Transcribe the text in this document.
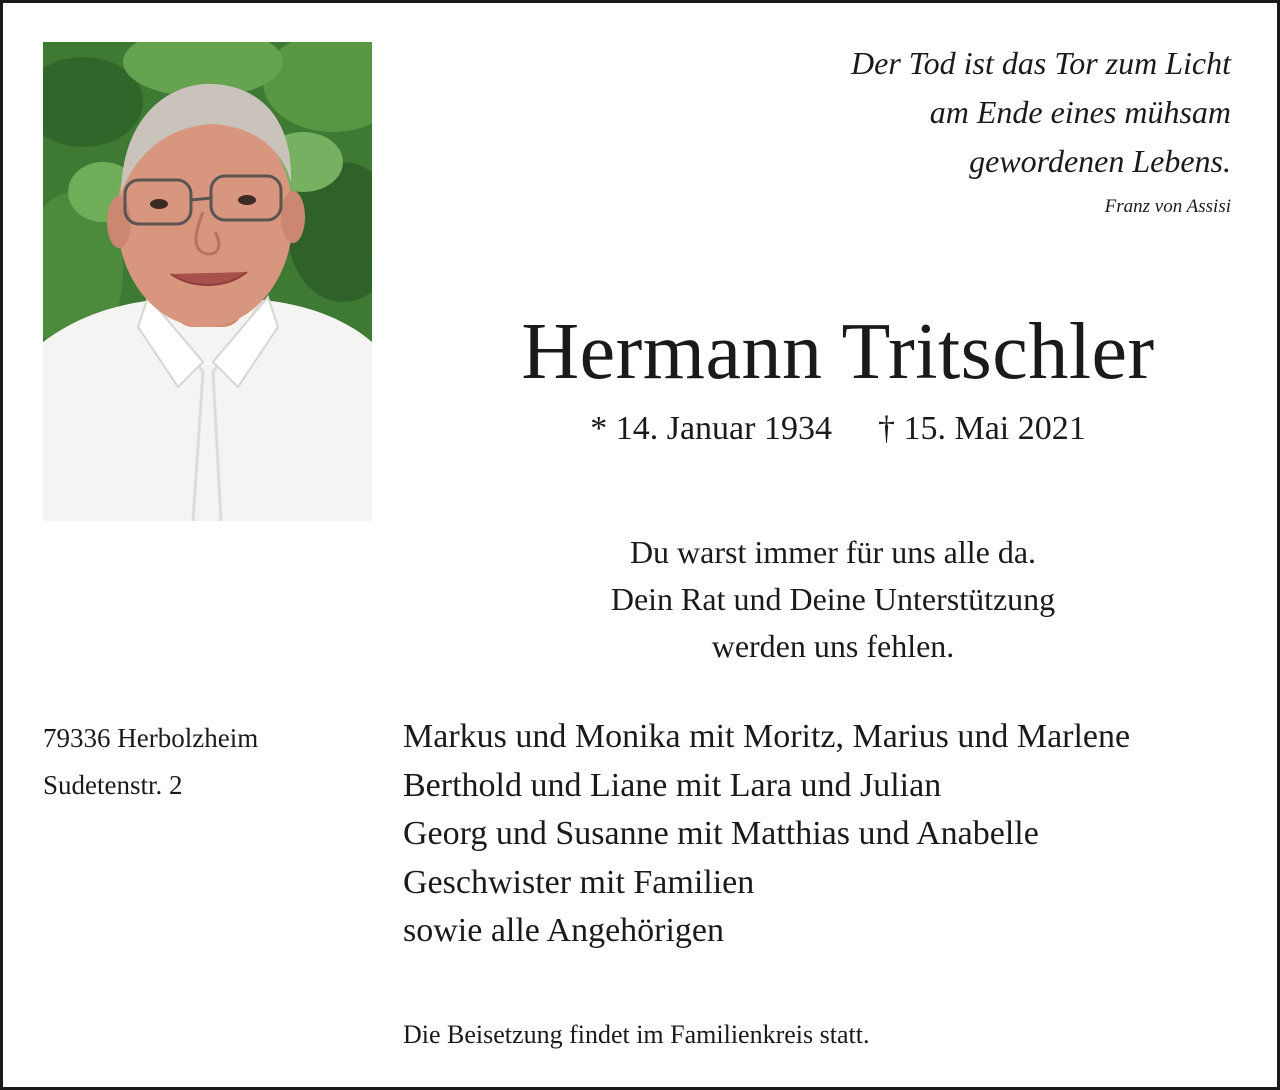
Der Tod ist das Tor zum Licht
am Ende eines mühsam
gewordenen Lebens.
Franz von Assisi
Hermann Tritschler
* 14. Januar 1934 † 15. Mai 2021
Du warst immer für uns alle da.
Dein Rat und Deine Unterstützung
werden uns fehlen.
79336 Herbolzheim
Sudetenstr. 2
Markus und Monika mit Moritz, Marius und Marlene
Berthold und Liane mit Lara und Julian
Georg und Susanne mit Matthias und Anabelle
Geschwister mit Familien
sowie alle Angehörigen
Die Beisetzung findet im Familienkreis statt.
